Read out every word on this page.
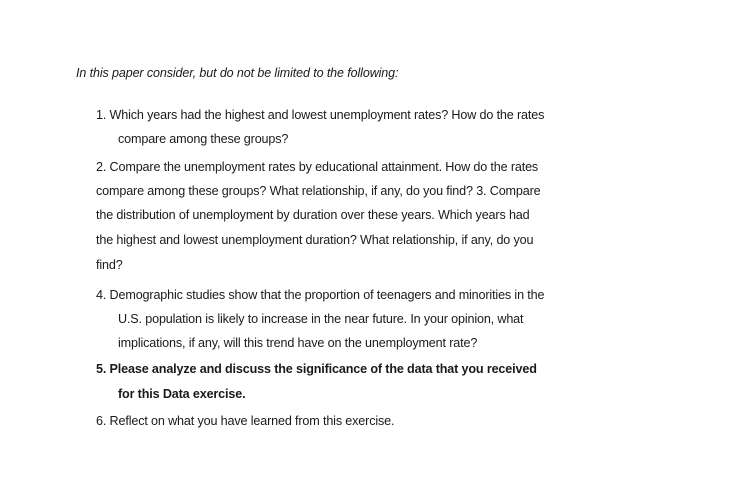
In this paper consider, but do not be limited to the following:
1. Which years had the highest and lowest unemployment rates? How do the rates
compare among these groups?
2. Compare the unemployment rates by educational attainment. How do the rates
compare among these groups? What relationship, if any, do you find? 3. Compare
the distribution of unemployment by duration over these years. Which years had
the highest and lowest unemployment duration? What relationship, if any, do you
find?
4. Demographic studies show that the proportion of teenagers and minorities in the
U.S. population is likely to increase in the near future. In your opinion, what
implications, if any, will this trend have on the unemployment rate?
5. Please analyze and discuss the significance of the data that you received
for this Data exercise.
6. Reflect on what you have learned from this exercise.
